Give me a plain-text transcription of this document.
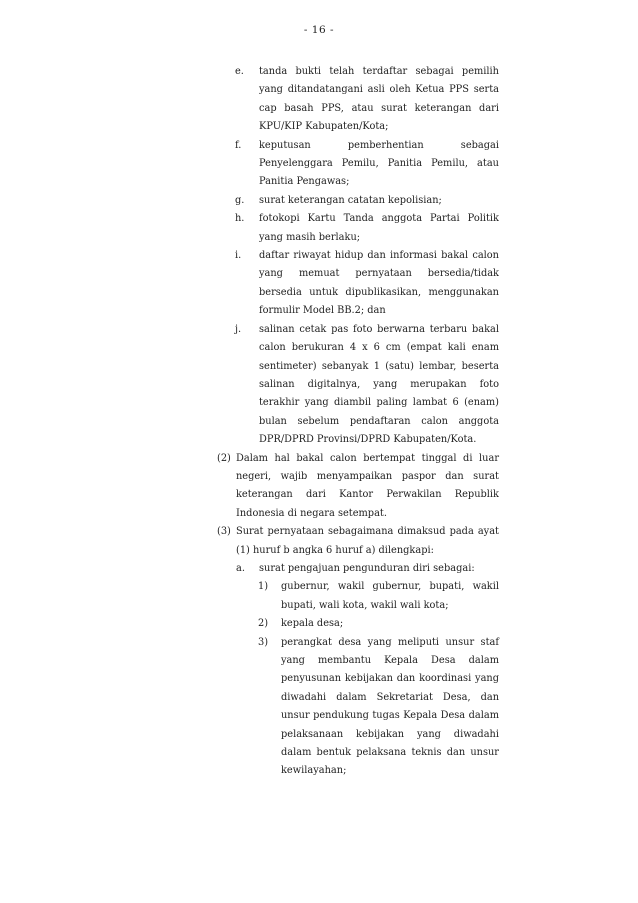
- 16 -
e. tanda bukti telah terdaftar sebagai pemilih yang ditandatangani asli oleh Ketua PPS serta cap basah PPS, atau surat keterangan dari KPU/KIP Kabupaten/Kota;
f. keputusan pemberhentian sebagai Penyelenggara Pemilu, Panitia Pemilu, atau Panitia Pengawas;
g. surat keterangan catatan kepolisian;
h. fotokopi Kartu Tanda anggota Partai Politik yang masih berlaku;
i. daftar riwayat hidup dan informasi bakal calon yang memuat pernyataan bersedia/tidak bersedia untuk dipublikasikan, menggunakan formulir Model BB.2; dan
j. salinan cetak pas foto berwarna terbaru bakal calon berukuran 4 x 6 cm (empat kali enam sentimeter) sebanyak 1 (satu) lembar, beserta salinan digitalnya, yang merupakan foto terakhir yang diambil paling lambat 6 (enam) bulan sebelum pendaftaran calon anggota DPR/DPRD Provinsi/DPRD Kabupaten/Kota.
(2) Dalam hal bakal calon bertempat tinggal di luar negeri, wajib menyampaikan paspor dan surat keterangan dari Kantor Perwakilan Republik Indonesia di negara setempat.
(3) Surat pernyataan sebagaimana dimaksud pada ayat (1) huruf b angka 6 huruf a) dilengkapi:
a. surat pengajuan pengunduran diri sebagai:
1) gubernur, wakil gubernur, bupati, wakil bupati, wali kota, wakil wali kota;
2) kepala desa;
3) perangkat desa yang meliputi unsur staf yang membantu Kepala Desa dalam penyusunan kebijakan dan koordinasi yang diwadahi dalam Sekretariat Desa, dan unsur pendukung tugas Kepala Desa dalam pelaksanaan kebijakan yang diwadahi dalam bentuk pelaksana teknis dan unsur kewilayahan;
